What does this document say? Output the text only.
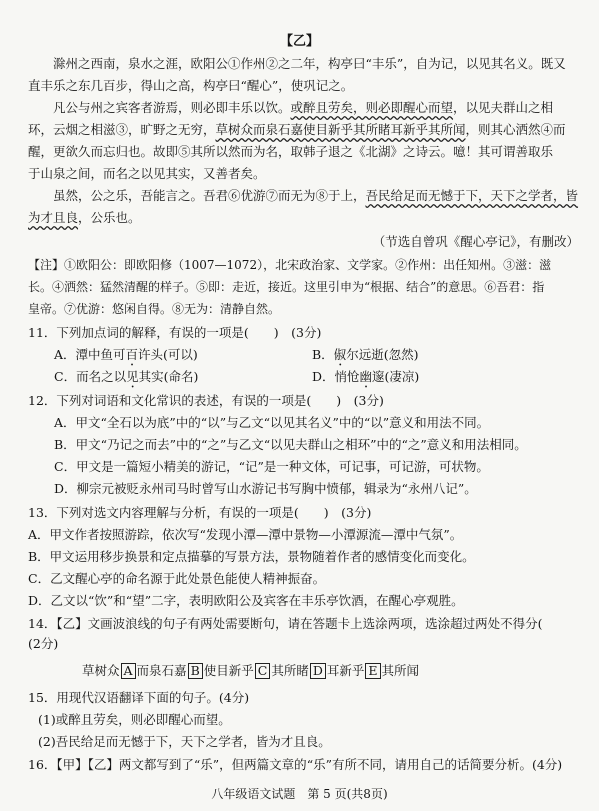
【乙】
　　滁州之西南，泉水之涯，欧阳公①作州②之二年，构亭曰“丰乐”，自为记，以见其名义。既又
直丰乐之东几百步，得山之高，构亭曰“醒心”，使巩记之。
　　凡公与州之宾客者游焉，则必即丰乐以饮。或醉且劳矣，则必即醒心而望，以见夫群山之相
环，云烟之相滋③，旷野之无穷，草树众而泉石嘉使目新乎其所睹耳新乎其所闻，则其心洒然④而
醒，更欲久而忘归也。故即⑤其所以然而为名，取韩子退之《北湖》之诗云。噫！其可谓善取乐
于山泉之间，而名之以见其实，又善者矣。
　　虽然，公之乐，吾能言之。吾君⑥优游⑦而无为⑧于上，吾民给足而无憾于下，天下之学者，皆
为才且良，公乐也。
（节选自曾巩《醒心亭记》，有删改）
【注】①欧阳公：即欧阳修（1007—1072），北宋政治家、文学家。②作州：出任知州。③滋：滋
长。④洒然：猛然清醒的样子。⑤即：走近，接近。这里引申为“根据、结合”的意思。⑥吾君：指
皇帝。⑦优游：悠闲自得。⑧无为：清静自然。
11．下列加点词的解释，有误的一项是(　　)　(3分)
A．潭中鱼可百许头(可以)	B．俶尔远逝(忽然)
C．而名之以见其实(命名)	D．悄怆幽邃(凄凉)
12．下列对词语和文化常识的表述，有误的一项是(　　)　(3分)
A．甲文“全石以为底”中的“以”与乙文“以见其名义”中的“以”意义和用法不同。
B．甲文“乃记之而去”中的“之”与乙文“以见夫群山之相环”中的“之”意义和用法相同。
C．甲文是一篇短小精美的游记，“记”是一种文体，可记事，可记游，可状物。
D．柳宗元被贬永州司马时曾写山水游记书写胸中愤郁，辑录为“永州八记”。
13．下列对选文内容理解与分析，有误的一项是(　　)　(3分)
A．甲文作者按照游踪，依次写“发现小潭—潭中景物—小潭源流—潭中气氛”。
B．甲文运用移步换景和定点描摹的写景方法，景物随着作者的感情变化而变化。
C．乙文醒心亭的命名源于此处景色能使人精神振奋。
D．乙文以“饮”和“望”二字，表明欧阳公及宾客在丰乐亭饮酒，在醒心亭观胜。
14．【乙】文画波浪线的句子有两处需要断句，请在答题卡上选涂两项，选涂超过两处不得分(
(2分)
草树众 A 而泉石嘉 B 使目新乎 C 其所睹 D 耳新乎 E 其所闻
15．用现代汉语翻译下面的句子。(4分)
(1)或醉且劳矣，则必即醒心而望。
(2)吾民给足而无憾于下，天下之学者，皆为才且良。
16．【甲】【乙】两文都写到了“乐”，但两篇文章的“乐”有所不同，请用自己的话简要分析。(4分)
八年级语文试题　第 5 页(共8页)
